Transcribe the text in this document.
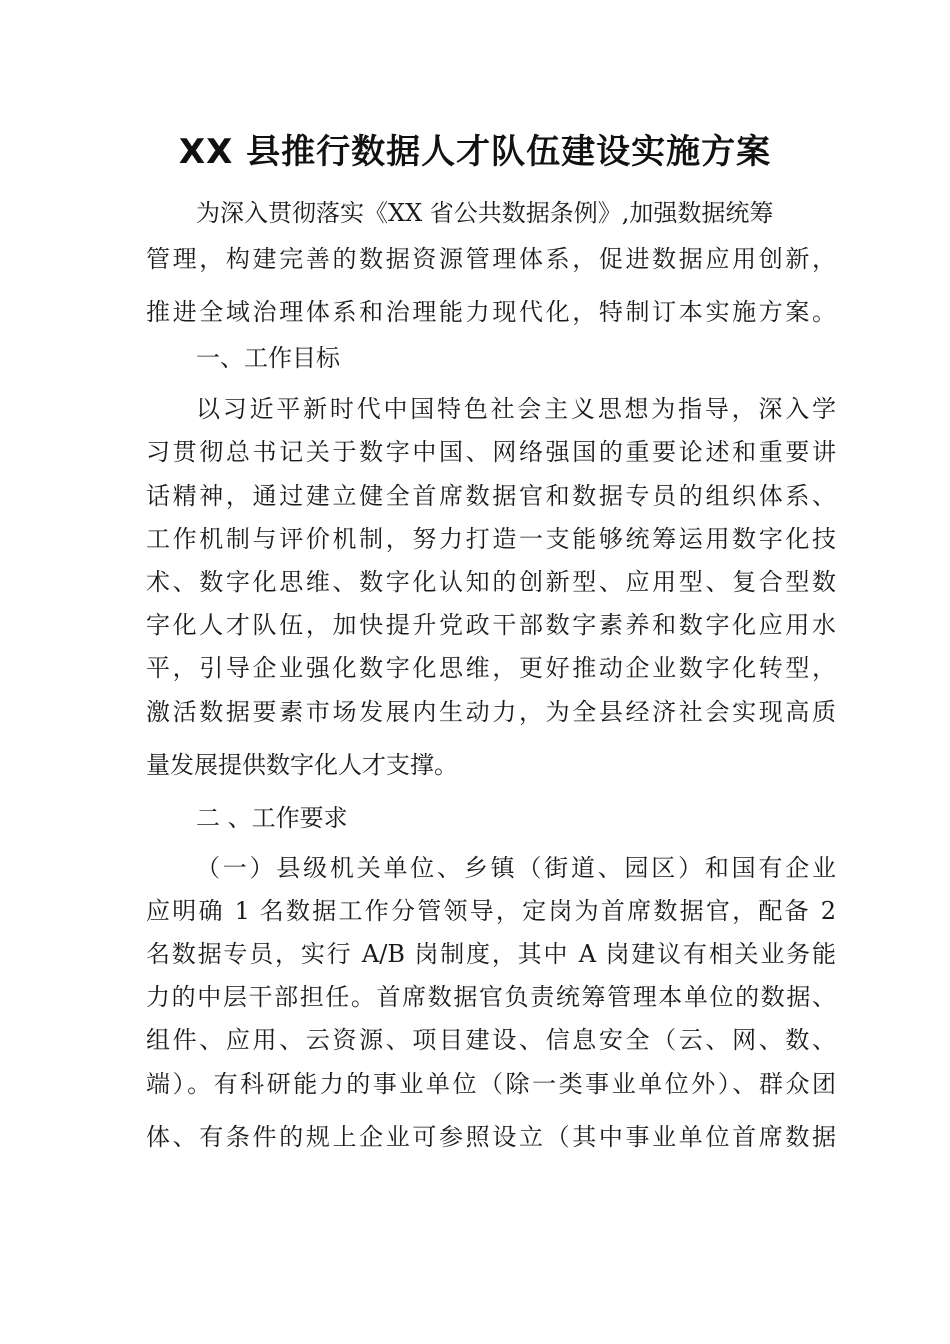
XX 县推行数据人才队伍建设实施方案
为深入贯彻落实《XX 省公共数据条例》,加强数据统筹
管理，构建完善的数据资源管理体系，促进数据应用创新，
推进全域治理体系和治理能力现代化，特制订本实施方案。
一、工作目标
以习近平新时代中国特色社会主义思想为指导，深入学
习贯彻总书记关于数字中国、网络强国的重要论述和重要讲
话精神，通过建立健全首席数据官和数据专员的组织体系、
工作机制与评价机制，努力打造一支能够统筹运用数字化技
术、数字化思维、数字化认知的创新型、应用型、复合型数
字化人才队伍，加快提升党政干部数字素养和数字化应用水
平，引导企业强化数字化思维，更好推动企业数字化转型，
激活数据要素市场发展内生动力，为全县经济社会实现高质
量发展提供数字化人才支撑。
二 、工作要求
（一）县级机关单位、乡镇（街道、园区）和国有企业
应明确 1 名数据工作分管领导，定岗为首席数据官，配备 2
名数据专员，实行 A/B 岗制度，其中 A 岗建议有相关业务能
力的中层干部担任。首席数据官负责统筹管理本单位的数据、
组件、应用、云资源、项目建设、信息安全（云、网、数、
端）。有科研能力的事业单位（除一类事业单位外）、群众团
体、有条件的规上企业可参照设立（其中事业单位首席数据
